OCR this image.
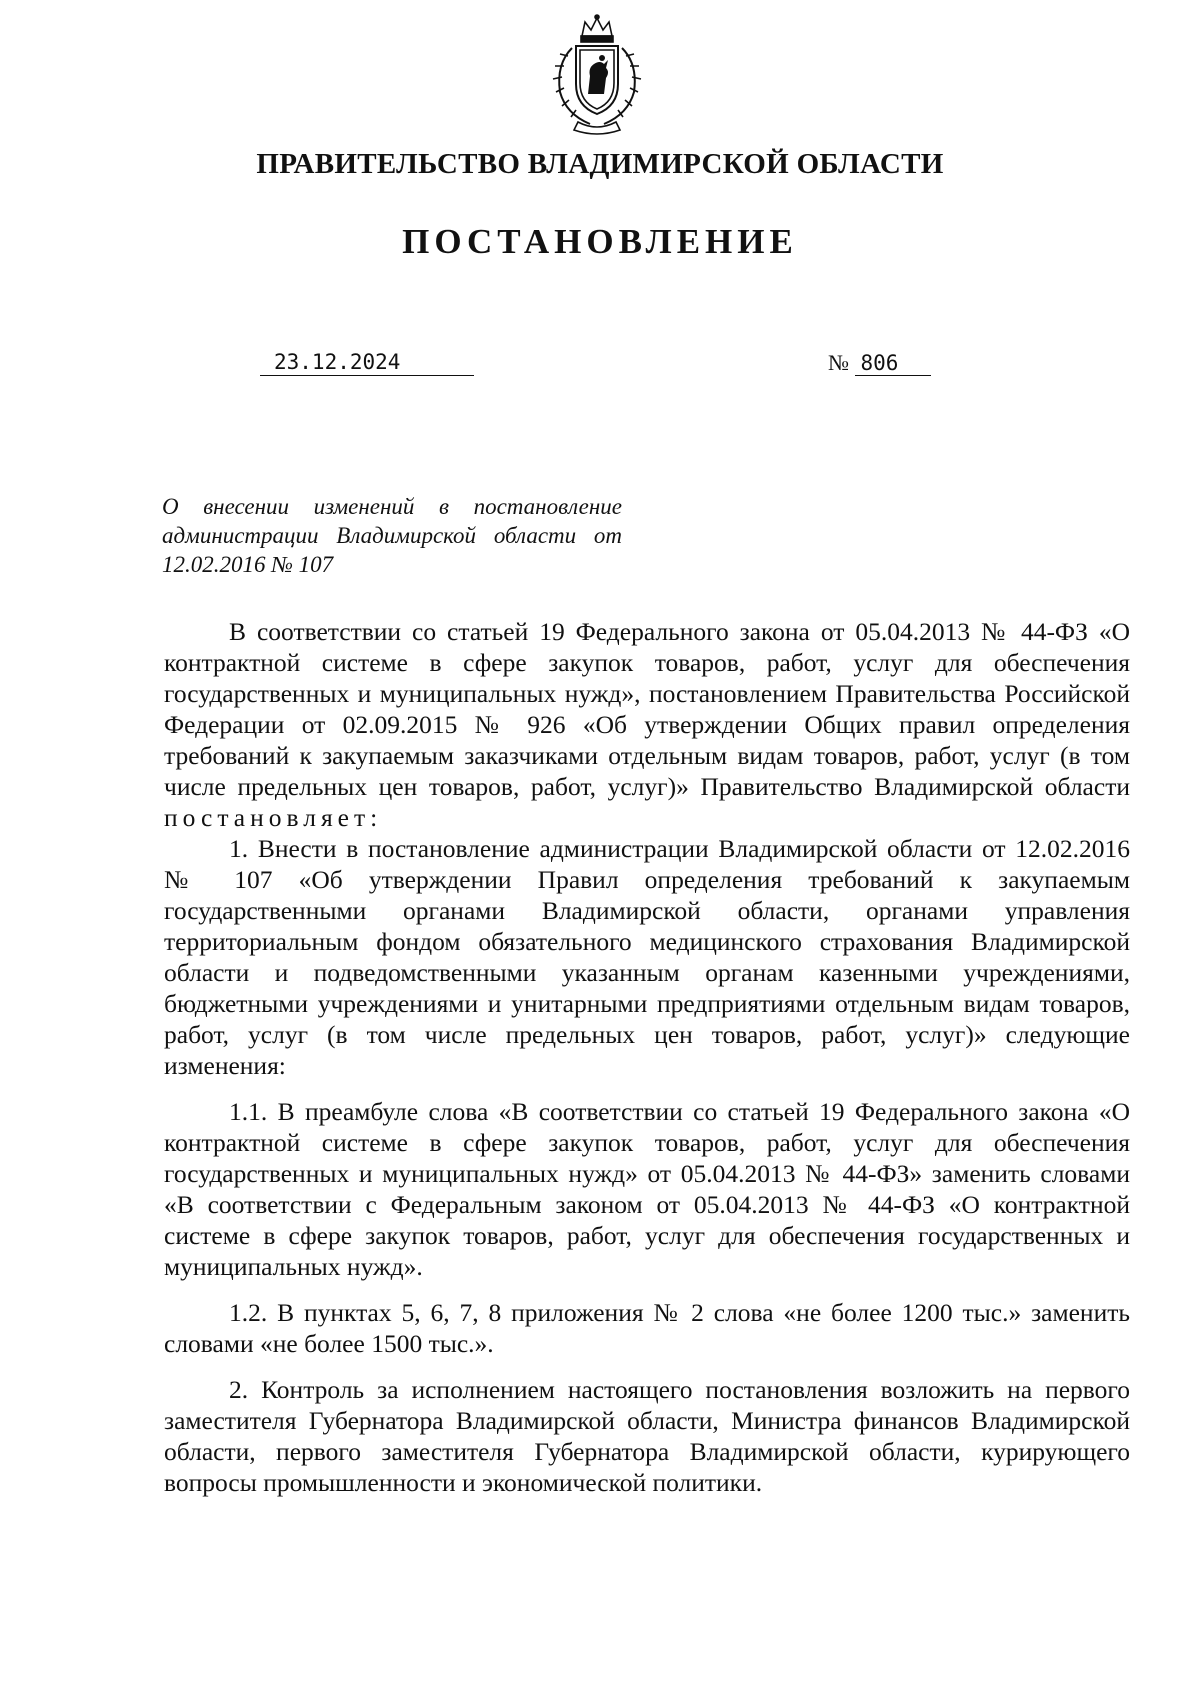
ПРАВИТЕЛЬСТВО ВЛАДИМИРСКОЙ ОБЛАСТИ
ПОСТАНОВЛЕНИЕ
23.12.2024	№ 806
О внесении изменений в постановление администрации Владимирской области от 12.02.2016 № 107

В соответствии со статьей 19 Федерального закона от 05.04.2013 № 44-ФЗ «О контрактной системе в сфере закупок товаров, работ, услуг для обеспечения государственных и муниципальных нужд», постановлением Правительства Российской Федерации от 02.09.2015 № 926 «Об утверждении Общих правил определения требований к закупаемым заказчиками отдельным видам товаров, работ, услуг (в том числе предельных цен товаров, работ, услуг)» Правительство Владимирской области постановляет:

1. Внести в постановление администрации Владимирской области от 12.02.2016 № 107 «Об утверждении Правил определения требований к закупаемым государственными органами Владимирской области, органами управления территориальным фондом обязательного медицинского страхования Владимирской области и подведомственными указанным органам казенными учреждениями, бюджетными учреждениями и унитарными предприятиями отдельным видам товаров, работ, услуг (в том числе предельных цен товаров, работ, услуг)» следующие изменения:

1.1. В преамбуле слова «В соответствии со статьей 19 Федерального закона «О контрактной системе в сфере закупок товаров, работ, услуг для обеспечения государственных и муниципальных нужд» от 05.04.2013 № 44-ФЗ» заменить словами «В соответствии с Федеральным законом от 05.04.2013 № 44-ФЗ «О контрактной системе в сфере закупок товаров, работ, услуг для обеспечения государственных и муниципальных нужд».

1.2. В пунктах 5, 6, 7, 8 приложения № 2 слова «не более 1200 тыс.» заменить словами «не более 1500 тыс.».

2. Контроль за исполнением настоящего постановления возложить на первого заместителя Губернатора Владимирской области, Министра финансов Владимирской области, первого заместителя Губернатора Владимирской области, курирующего вопросы промышленности и экономической политики.
